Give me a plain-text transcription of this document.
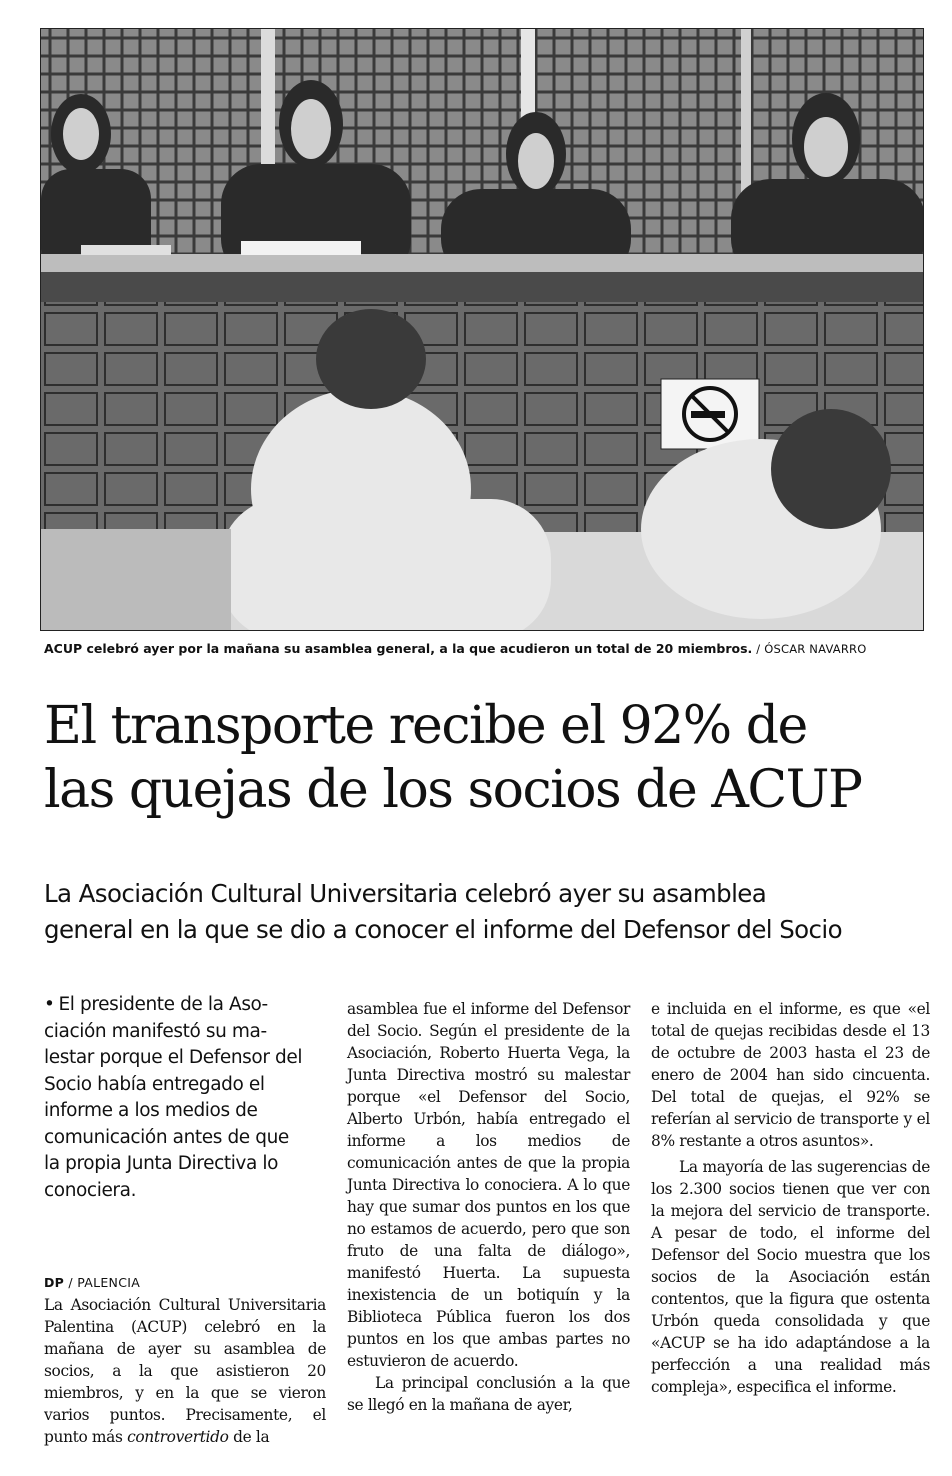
ACUP celebró ayer por la mañana su asamblea general, a la que acudieron un total de 20 miembros. / ÓSCAR NAVARRO
El transporte recibe el 92% de
las quejas de los socios de ACUP
La Asociación Cultural Universitaria celebró ayer su asamblea
general en la que se dio a conocer el informe del Defensor del Socio
• El presidente de la Asociación manifestó su malestar porque el Defensor del Socio había entregado el informe a los medios de comunicación antes de que la propia Junta Directiva lo conociera.
DP / PALENCIA

La Asociación Cultural Universitaria Palentina (ACUP) celebró en la mañana de ayer su asamblea de socios, a la que asistieron 20 miembros, y en la que se vieron varios puntos. Precisamente, el punto más controvertido de la

asamblea fue el informe del Defensor del Socio. Según el presidente de la Asociación, Roberto Huerta Vega, la Junta Directiva mostró su malestar porque «el Defensor del Socio, Alberto Urbón, había entregado el informe a los medios de comunicación antes de que la propia Junta Directiva lo conociera. A lo que hay que sumar dos puntos en los que no estamos de acuerdo, pero que son fruto de una falta de diálogo», manifestó Huerta. La supuesta inexistencia de un botiquín y la Biblioteca Pública fueron los dos puntos en los que ambas partes no estuvieron de acuerdo.

La principal conclusión a la que se llegó en la mañana de ayer,

e incluida en el informe, es que «el total de quejas recibidas desde el 13 de octubre de 2003 hasta el 23 de enero de 2004 han sido cincuenta. Del total de quejas, el 92% se referían al servicio de transporte y el 8% restante a otros asuntos».

La mayoría de las sugerencias de los 2.300 socios tienen que ver con la mejora del servicio de transporte. A pesar de todo, el informe del Defensor del Socio muestra que los socios de la Asociación están contentos, que la figura que ostenta Urbón queda consolidada y que «ACUP se ha ido adaptándose a la perfección a una realidad más compleja», especifica el informe.
